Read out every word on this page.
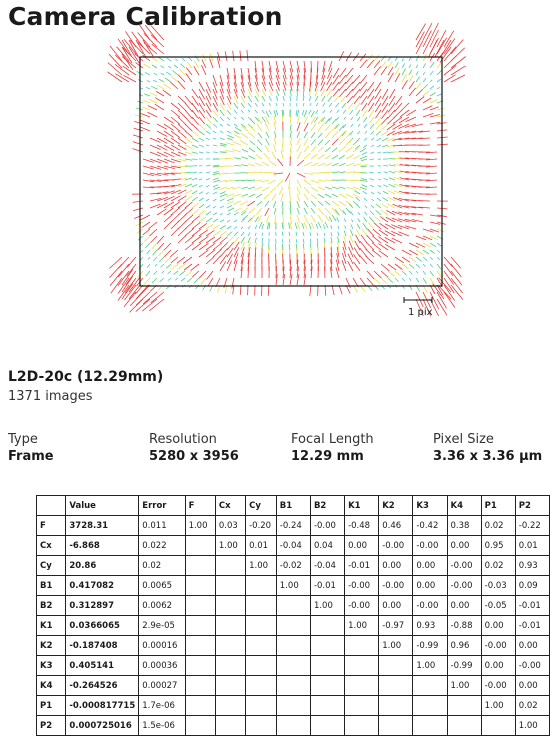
Camera Calibration
1 pix
L2D-20c (12.29mm)
1371 images
Type
Frame
Resolution
5280 x 3956
Focal Length
12.29 mm
Pixel Size
3.36 x 3.36 µm
	Value	Error	F	Cx	Cy	B1	B2	K1	K2	K3	K4	P1	P2
F	3728.31	0.011	1.00	0.03	-0.20	-0.24	-0.00	-0.48	0.46	-0.42	0.38	0.02	-0.22
Cx	-6.868	0.022		1.00	0.01	-0.04	0.04	0.00	-0.00	-0.00	0.00	0.95	0.01
Cy	20.86	0.02			1.00	-0.02	-0.04	-0.01	0.00	0.00	-0.00	0.02	0.93
B1	0.417082	0.0065				1.00	-0.01	-0.00	-0.00	0.00	-0.00	-0.03	0.09
B2	0.312897	0.0062					1.00	-0.00	0.00	-0.00	0.00	-0.05	-0.01
K1	0.0366065	2.9e-05						1.00	-0.97	0.93	-0.88	0.00	-0.01
K2	-0.187408	0.00016							1.00	-0.99	0.96	-0.00	0.00
K3	0.405141	0.00036								1.00	-0.99	0.00	-0.00
K4	-0.264526	0.00027									1.00	-0.00	0.00
P1	-0.000817715	1.7e-06										1.00	0.02
P2	0.000725016	1.5e-06											1.00
